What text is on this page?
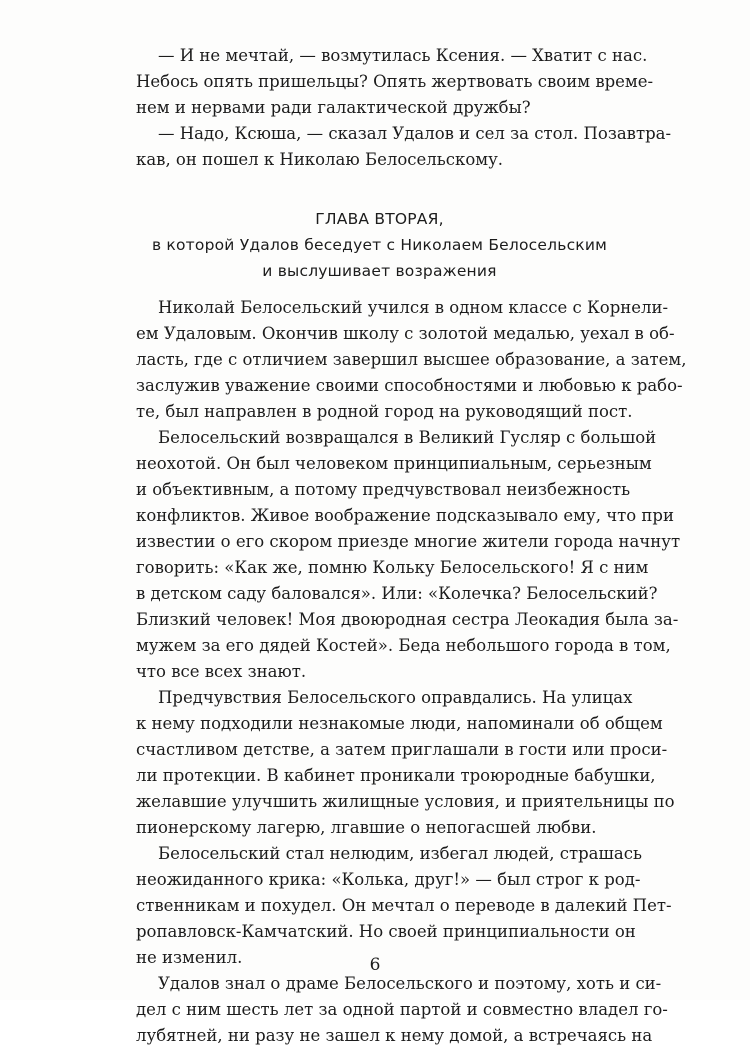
— И не мечтай, — возмутилась Ксения. — Хватит с нас.
Небось опять пришельцы? Опять жертвовать своим време-
нем и нервами ради галактической дружбы?
— Надо, Ксюша, — сказал Удалов и сел за стол. Позавтра-
кав, он пошел к Николаю Белосельскому.
ГЛАВА ВТОРАЯ,
в которой Удалов беседует с Николаем Белосельским
и выслушивает возражения
Николай Белосельский учился в одном классе с Корнели-
ем Удаловым. Окончив школу с золотой медалью, уехал в об-
ласть, где с отличием завершил высшее образование, а затем,
заслужив уважение своими способностями и любовью к рабо-
те, был направлен в родной город на руководящий пост.
Белосельский возвращался в Великий Гусляр с большой
неохотой. Он был человеком принципиальным, серьезным
и объективным, а потому предчувствовал неизбежность
конфликтов. Живое воображение подсказывало ему, что при
известии о его скором приезде многие жители города начнут
говорить: «Как же, помню Кольку Белосельского! Я с ним
в детском саду баловался». Или: «Колечка? Белосельский?
Близкий человек! Моя двоюродная сестра Леокадия была за-
мужем за его дядей Костей». Беда небольшого города в том,
что все всех знают.
Предчувствия Белосельского оправдались. На улицах
к нему подходили незнакомые люди, напоминали об общем
счастливом детстве, а затем приглашали в гости или проси-
ли протекции. В кабинет проникали троюродные бабушки,
желавшие улучшить жилищные условия, и приятельницы по
пионерскому лагерю, лгавшие о непогасшей любви.
Белосельский стал нелюдим, избегал людей, страшась
неожиданного крика: «Колька, друг!» — был строг к род-
ственникам и похудел. Он мечтал о переводе в далекий Пет-
ропавловск-Камчатский. Но своей принципиальности он
не изменил.
Удалов знал о драме Белосельского и поэтому, хоть и си-
дел с ним шесть лет за одной партой и совместно владел го-
лубятней, ни разу не зашел к нему домой, а встречаясь на
6
